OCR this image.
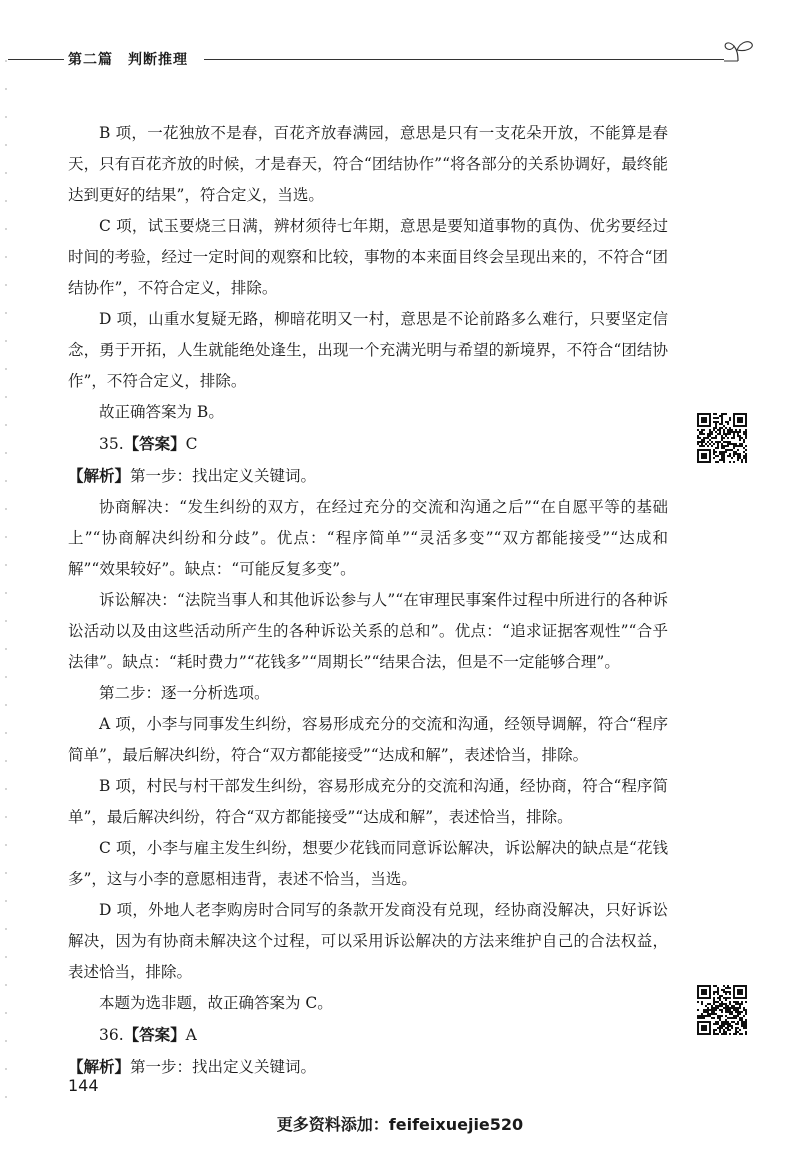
第二篇　判断推理

B 项，一花独放不是春，百花齐放春满园，意思是只有一支花朵开放，不能算是春天，只有百花齐放的时候，才是春天，符合“团结协作”“将各部分的关系协调好，最终能达到更好的结果”，符合定义，当选。

C 项，试玉要烧三日满，辨材须待七年期，意思是要知道事物的真伪、优劣要经过时间的考验，经过一定时间的观察和比较，事物的本来面目终会呈现出来的，不符合“团结协作”，不符合定义，排除。

D 项，山重水复疑无路，柳暗花明又一村，意思是不论前路多么难行，只要坚定信念，勇于开拓，人生就能绝处逢生，出现一个充满光明与希望的新境界，不符合“团结协作”，不符合定义，排除。

故正确答案为 B。

35.【答案】C

【解析】第一步：找出定义关键词。

协商解决：“发生纠纷的双方，在经过充分的交流和沟通之后”“在自愿平等的基础上”“协商解决纠纷和分歧”。优点：“程序简单”“灵活多变”“双方都能接受”“达成和解”“效果较好”。缺点：“可能反复多变”。

诉讼解决：“法院当事人和其他诉讼参与人”“在审理民事案件过程中所进行的各种诉讼活动以及由这些活动所产生的各种诉讼关系的总和”。优点：“追求证据客观性”“合乎法律”。缺点：“耗时费力”“花钱多”“周期长”“结果合法，但是不一定能够合理”。

第二步：逐一分析选项。

A 项，小李与同事发生纠纷，容易形成充分的交流和沟通，经领导调解，符合“程序简单”，最后解决纠纷，符合“双方都能接受”“达成和解”，表述恰当，排除。

B 项，村民与村干部发生纠纷，容易形成充分的交流和沟通，经协商，符合“程序简单”，最后解决纠纷，符合“双方都能接受”“达成和解”，表述恰当，排除。

C 项，小李与雇主发生纠纷，想要少花钱而同意诉讼解决，诉讼解决的缺点是“花钱多”，这与小李的意愿相违背，表述不恰当，当选。

D 项，外地人老李购房时合同写的条款开发商没有兑现，经协商没解决，只好诉讼解决，因为有协商未解决这个过程，可以采用诉讼解决的方法来维护自己的合法权益，表述恰当，排除。

本题为选非题，故正确答案为 C。

36.【答案】A

【解析】第一步：找出定义关键词。

144
更多资料添加：feifeixuejie520
